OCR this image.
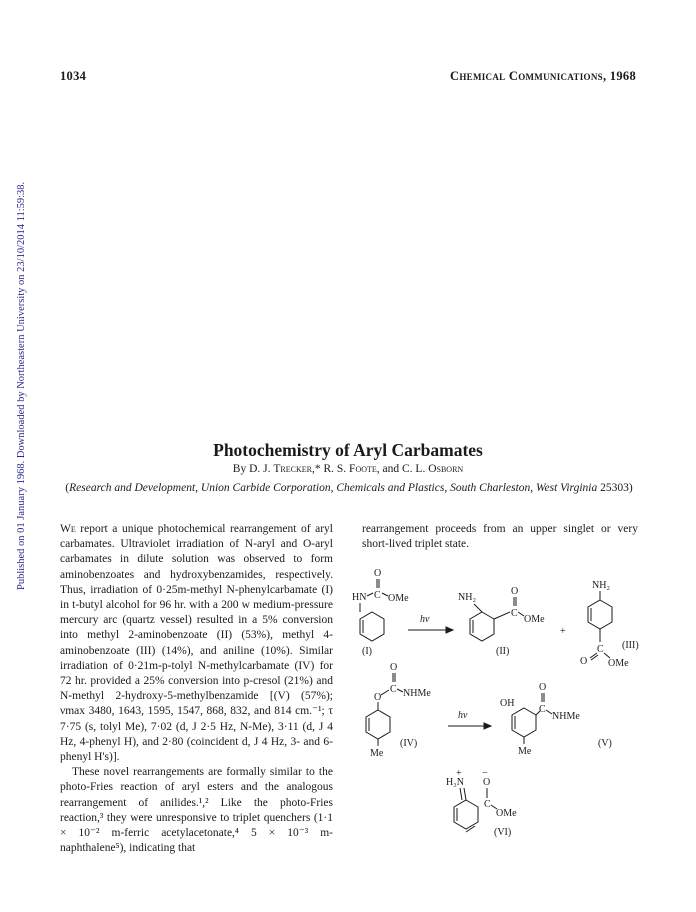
1034	Chemical Communications, 1968
Published on 01 January 1968. Downloaded by Northeastern University on 23/10/2014 11:59:38.	Photochemistry of Aryl Carbamates
By D. J. Trecker,* R. S. Foote, and C. L. Osborn
(Research and Development, Union Carbide Corporation, Chemicals and Plastics, South Charleston, West Virginia 25303)

We report a unique photochemical rearrangement of aryl carbamates. Ultraviolet irradiation of N-aryl and O-aryl carbamates in dilute solution was observed to form aminobenzoates and hydroxybenzamides, respectively. Thus, irradiation of 0·25m-methyl N-phenylcarbamate (I) in t-butyl alcohol for 96 hr. with a 200 w medium-pressure mercury arc (quartz vessel) resulted in a 5% conversion into methyl 2-aminobenzoate (II) (53%), methyl 4-aminobenzoate (III) (14%), and aniline (10%). Similar irradiation of 0·21m-p-tolyl N-methylcarbamate (IV) for 72 hr. provided a 25% conversion into p-cresol (21%) and N-methyl 2-hydroxy-5-methylbenzamide [(V) (57%); νmax 3480, 1643, 1595, 1547, 868, 832, and 814 cm.⁻¹; τ 7·75 (s, tolyl Me), 7·02 (d, J 2·5 Hz, N-Me), 3·11 (d, J 4 Hz, 4-phenyl H), and 2·80 (coincident d, J 4 Hz, 3- and 6-phenyl H's)].

These novel rearrangements are formally similar to the photo-Fries reaction of aryl esters and the analogous rearrangement of anilides.¹,² Like the photo-Fries reaction,³ they were unresponsive to triplet quenchers (1·1 × 10⁻² m-ferric acetylacetonate,⁴ 5 × 10⁻³ m-naphthalene⁵), indicating that

rearrangement proceeds from an upper singlet or very short-lived triplet state.

O
C
HN OMe
(I)
hν
NH₂
O
C
OMe
(II)
+
NH₂
C
O OMe
(III)
O
C NHMe
O
Me
(IV)
hν
O
C
NHMe
OH
Me
(V)
+
H₃N
−
O
C
OMe
(VI)
